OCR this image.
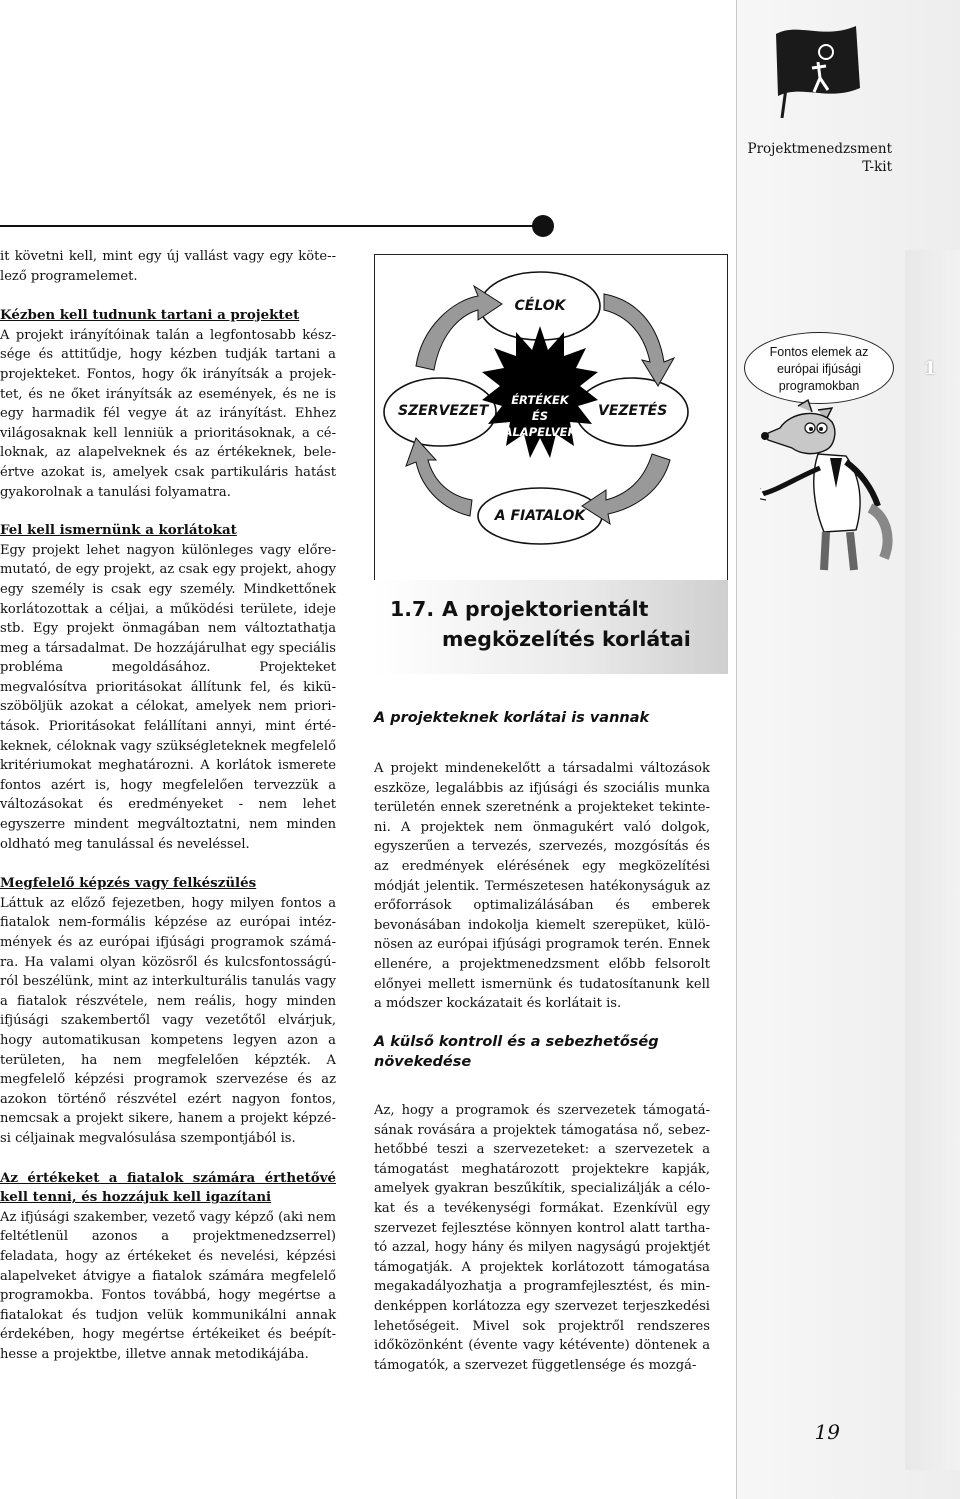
1
Projektmenedzsment
T-kit

it követni kell, mint egy új vallást vagy egy köte-lező programelemet.

Kézben kell tudnunk tartani a projektet

A projekt irányítóinak talán a legfontosabb készsége és attitűdje, hogy kézben tudják tartani a projekteket. Fontos, hogy ők irányítsák a projektet, és ne őket irányítsák az események, és ne is egy harmadik fél vegye át az irányítást. Ehhez világosaknak kell lenniük a prioritásoknak, a céloknak, az alapelveknek és az értékeknek, beleértve azokat is, amelyek csak partikuláris hatást gyakorolnak a tanulási folyamatra.

Fel kell ismernünk a korlátokat

Egy projekt lehet nagyon különleges vagy előremutató, de egy projekt, az csak egy projekt, ahogy egy személy is csak egy személy. Mindkettőnek korlátozottak a céljai, a működési területe, ideje stb. Egy projekt önmagában nem változtathatja meg a társadalmat. De hozzájárulhat egy speciális probléma megoldásához. Projekteket megvalósítva prioritásokat állítunk fel, és kiküszöböljük azokat a célokat, amelyek nem prioritások. Prioritásokat felállítani annyi, mint értékeknek, céloknak vagy szükségleteknek megfelelő kritériumokat meghatározni. A korlátok ismerete fontos azért is, hogy megfelelően tervezzük a változásokat és eredményeket - nem lehet egyszerre mindent megváltoztatni, nem minden oldható meg tanulással és neveléssel.

Megfelelő képzés vagy felkészülés

Láttuk az előző fejezetben, hogy milyen fontos a fiatalok nem-formális képzése az európai intézmények és az európai ifjúsági programok számára. Ha valami olyan közösről és kulcsfontosságúról beszélünk, mint az interkulturális tanulás vagy a fiatalok részvétele, nem reális, hogy minden ifjúsági szakembertől vagy vezetőtől elvárjuk, hogy automatikusan kompetens legyen azon a területen, ha nem megfelelően képzték. A megfelelő képzési programok szervezése és az azokon történő részvétel ezért nagyon fontos, nemcsak a projekt sikere, hanem a projekt képzési céljainak megvalósulása szempontjából is.

Az értékeket a fiatalok számára érthetővé kell tenni, és hozzájuk kell igazítani

Az ifjúsági szakember, vezető vagy képző (aki nem feltétlenül azonos a projektmenedzserrel) feladata, hogy az értékeket és nevelési, képzési alapelveket átvigye a fiatalok számára megfelelő programokba. Fontos továbbá, hogy megértse a fiatalokat és tudjon velük kommunikálni annak érdekében, hogy megértse értékeiket és beépíthesse a projektbe, illetve annak metodikájába.

CÉLOK
SZERVEZET	VEZETÉS
A FIATALOK
ÉRTÉKEK
ÉS
ALAPELVEK
Fontos elemek az európai ifjúsági programokban
1.7. A projektorientált
megközelítés korlátai
A projekteknek korlátai is vannak
A projekt mindenekelőtt a társadalmi változások eszköze, legalábbis az ifjúsági és szociális munka területén ennek szeretnénk a projekteket tekinteni. A projektek nem önmagukért való dolgok, egyszerűen a tervezés, szervezés, mozgósítás és az eredmények elérésének egy megközelítési módját jelentik. Természetesen hatékonyságuk az erőforrások optimalizálásában és emberek bevonásában indokolja kiemelt szerepüket, különösen az európai ifjúsági programok terén. Ennek ellenére, a projektmenedzsment előbb felsorolt előnyei mellett ismernünk és tudatosítanunk kell a módszer kockázatait és korlátait is.
A külső kontroll és a sebezhetőség növekedése
Az, hogy a programok és szervezetek támogatásának rovására a projektek támogatása nő, sebezhetőbbé teszi a szervezeteket: a szervezetek a támogatást meghatározott projektekre kapják, amelyek gyakran beszűkítik, specializálják a célokat és a tevékenységi formákat. Ezenkívül egy szervezet fejlesztése könnyen kontrol alatt tartható azzal, hogy hány és milyen nagyságú projektjét támogatják. A projektek korlátozott támogatása megakadályozhatja a programfejlesztést, és mindenképpen korlátozza egy szervezet terjeszkedési lehetőségeit. Mivel sok projektről rendszeres időközönként (évente vagy kétévente) döntenek a támogatók, a szervezet függetlensége és mozgá-
19
